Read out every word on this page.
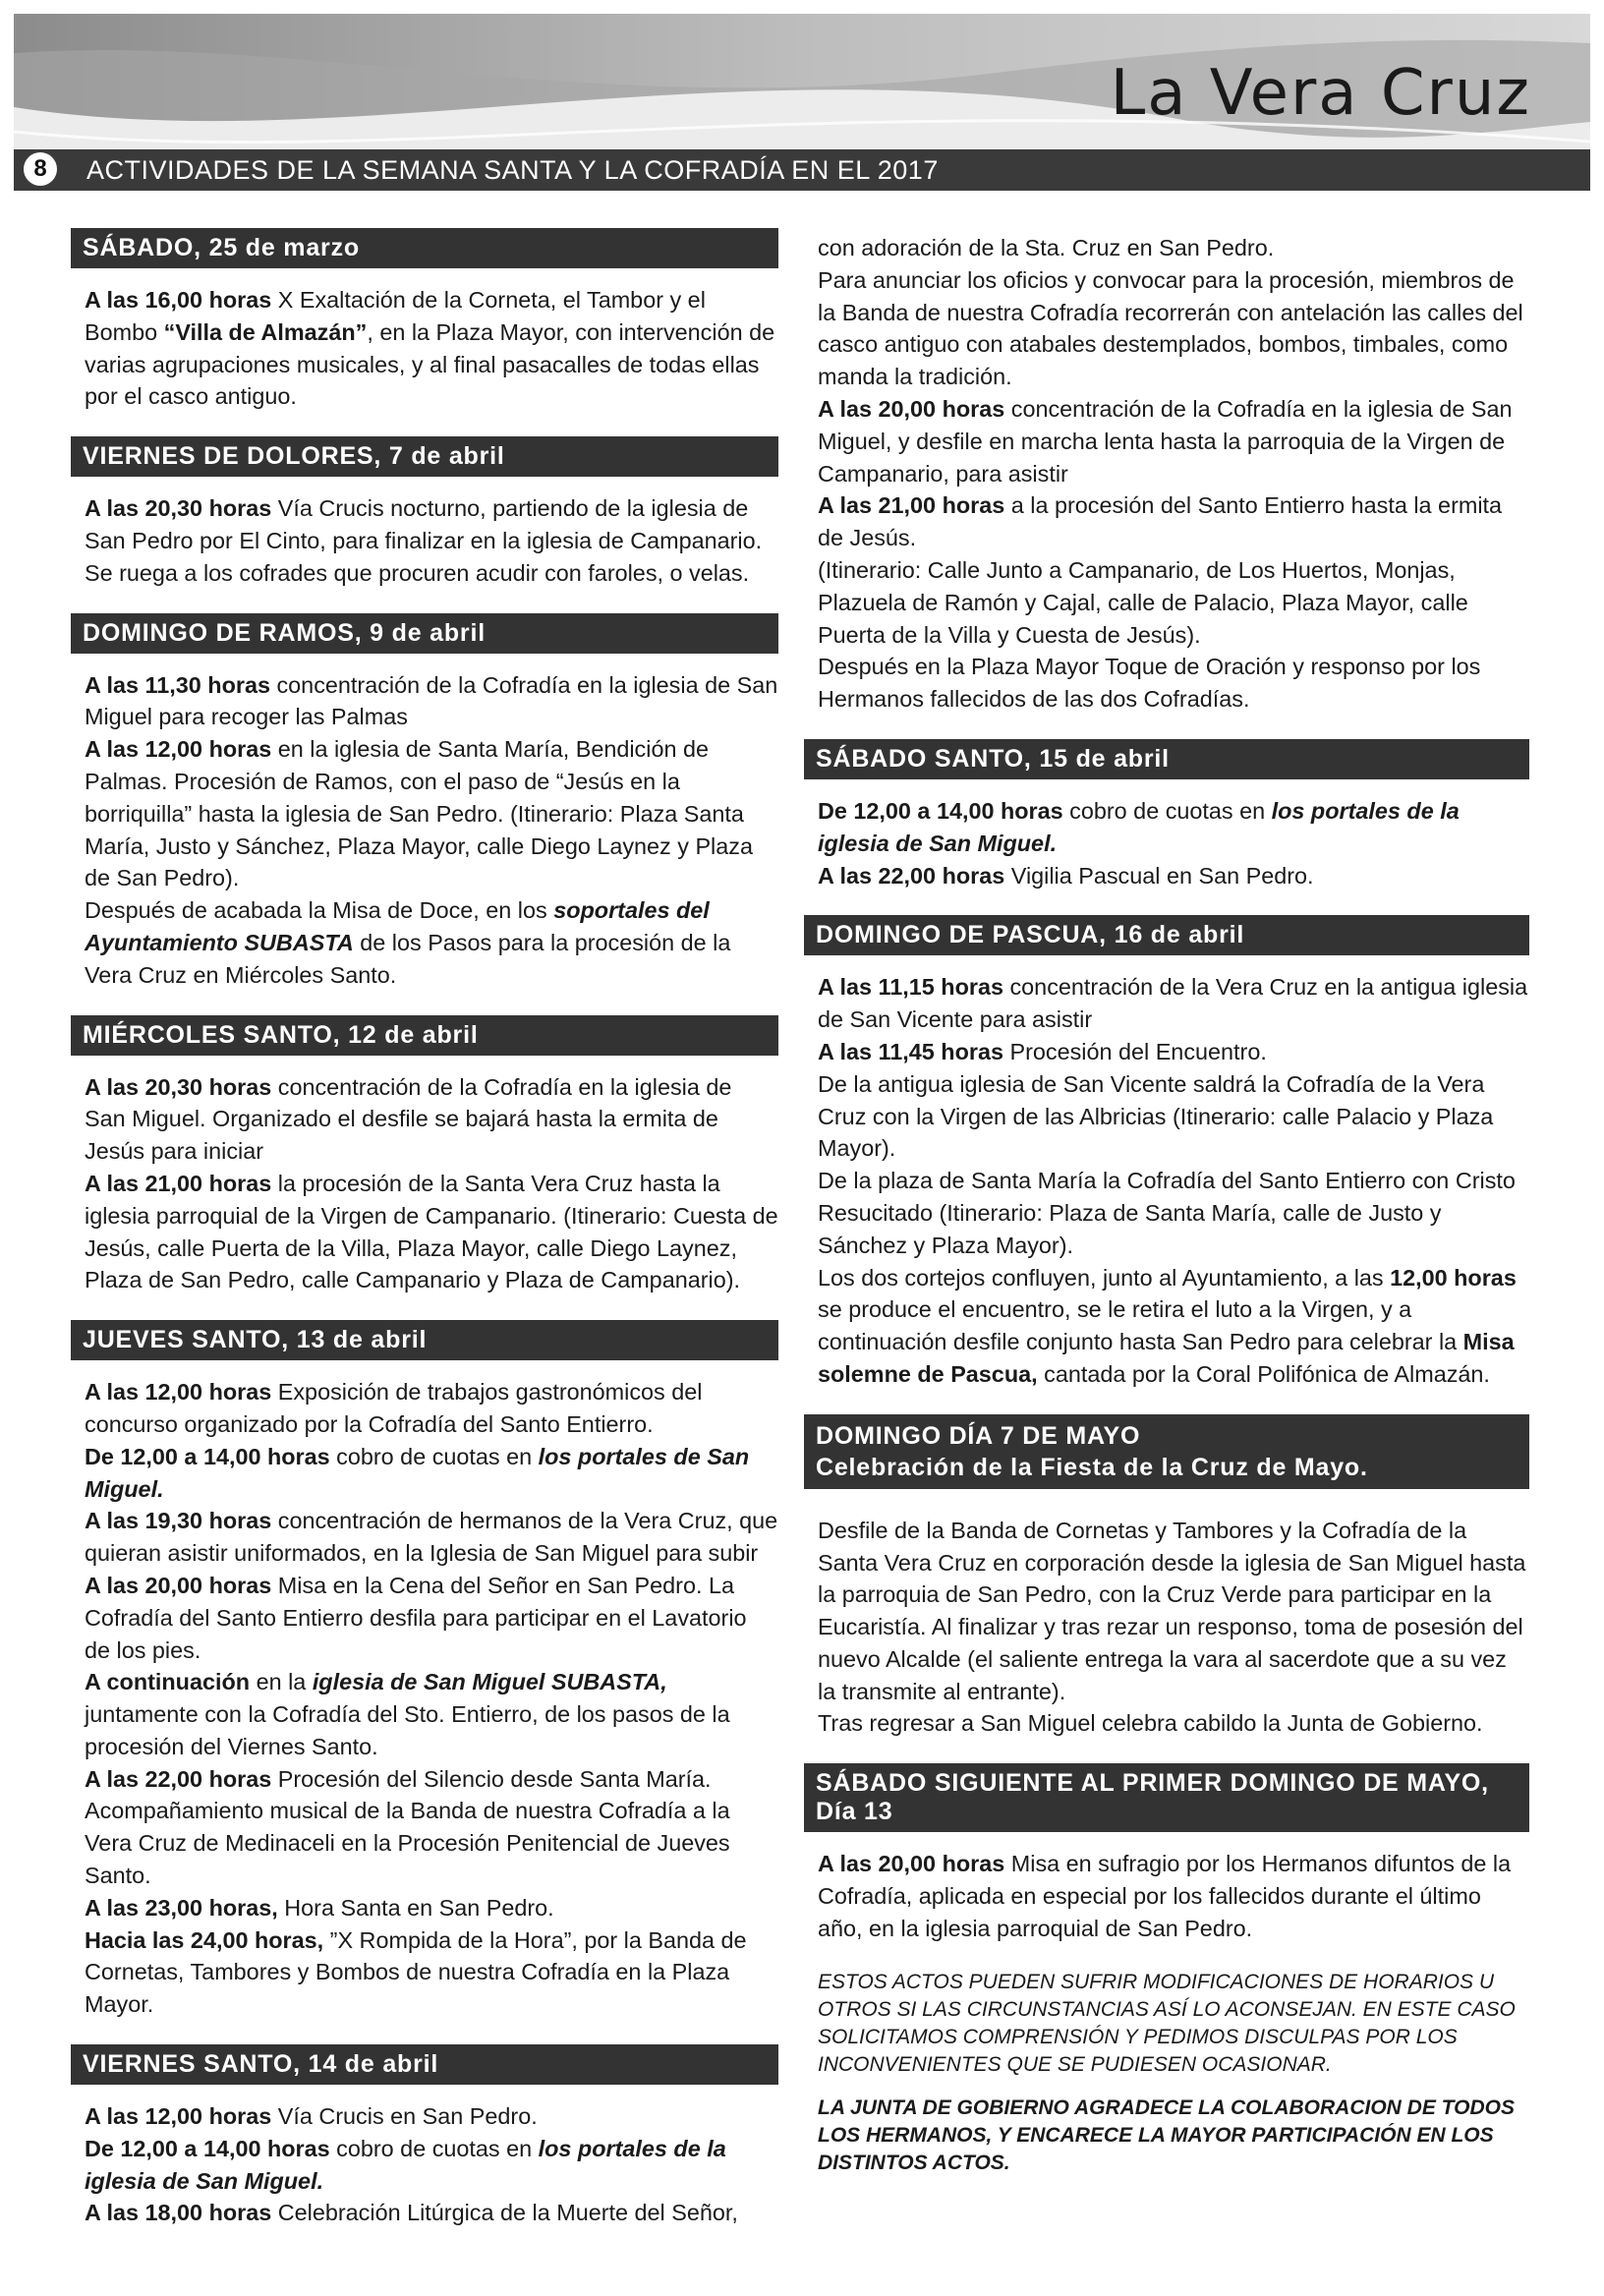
La Vera Cruz
8	ACTIVIDADES DE LA SEMANA SANTA Y LA COFRADÍA EN EL 2017
SÁBADO, 25 de marzo

A las 16,00 horas X Exaltación de la Corneta, el Tambor y el Bombo “Villa de Almazán”, en la Plaza Mayor, con intervención de varias agrupaciones musicales, y al final pasacalles de todas ellas por el casco antiguo.

VIERNES DE DOLORES, 7 de abril

A las 20,30 horas Vía Crucis nocturno, partiendo de la iglesia de San Pedro por El Cinto, para finalizar en la iglesia de Campanario. Se ruega a los cofrades que procuren acudir con faroles, o velas.

DOMINGO DE RAMOS, 9 de abril

A las 11,30 horas concentración de la Cofradía en la iglesia de San Miguel para recoger las Palmas

A las 12,00 horas en la iglesia de Santa María, Bendición de Palmas. Procesión de Ramos, con el paso de “Jesús en la borriquilla” hasta la iglesia de San Pedro. (Itinerario: Plaza Santa María, Justo y Sánchez, Plaza Mayor, calle Diego Laynez y Plaza de San Pedro).

Después de acabada la Misa de Doce, en los soportales del Ayuntamiento SUBASTA de los Pasos para la procesión de la Vera Cruz en Miércoles Santo.

MIÉRCOLES SANTO, 12 de abril

A las 20,30 horas concentración de la Cofradía en la iglesia de San Miguel. Organizado el desfile se bajará hasta la ermita de Jesús para iniciar

A las 21,00 horas la procesión de la Santa Vera Cruz hasta la iglesia parroquial de la Virgen de Campanario. (Itinerario: Cuesta de Jesús, calle Puerta de la Villa, Plaza Mayor, calle Diego Laynez, Plaza de San Pedro, calle Campanario y Plaza de Campanario).

JUEVES SANTO, 13 de abril

A las 12,00 horas Exposición de trabajos gastronómicos del concurso organizado por la Cofradía del Santo Entierro.

De 12,00 a 14,00 horas cobro de cuotas en los portales de San Miguel.

A las 19,30 horas concentración de hermanos de la Vera Cruz, que quieran asistir uniformados, en la Iglesia de San Miguel para subir

A las 20,00 horas Misa en la Cena del Señor en San Pedro. La Cofradía del Santo Entierro desfila para participar en el Lavatorio de los pies.

A continuación en la iglesia de San Miguel SUBASTA, juntamente con la Cofradía del Sto. Entierro, de los pasos de la procesión del Viernes Santo.

A las 22,00 horas Procesión del Silencio desde Santa María. Acompañamiento musical de la Banda de nuestra Cofradía a la Vera Cruz de Medinaceli en la Procesión Penitencial de Jueves Santo.

A las 23,00 horas, Hora Santa en San Pedro.

Hacia las 24,00 horas, ”X Rompida de la Hora”, por la Banda de Cornetas, Tambores y Bombos de nuestra Cofradía en la Plaza Mayor.

VIERNES SANTO, 14 de abril

A las 12,00 horas Vía Crucis en San Pedro.

De 12,00 a 14,00 horas cobro de cuotas en los portales de la iglesia de San Miguel.

A las 18,00 horas Celebración Litúrgica de la Muerte del Señor,

con adoración de la Sta. Cruz en San Pedro.

Para anunciar los oficios y convocar para la procesión, miembros de la Banda de nuestra Cofradía recorrerán con antelación las calles del casco antiguo con atabales destemplados, bombos, timbales, como manda la tradición.

A las 20,00 horas concentración de la Cofradía en la iglesia de San Miguel, y desfile en marcha lenta hasta la parroquia de la Virgen de Campanario, para asistir

A las 21,00 horas a la procesión del Santo Entierro hasta la ermita de Jesús.

(Itinerario: Calle Junto a Campanario, de Los Huertos, Monjas, Plazuela de Ramón y Cajal, calle de Palacio, Plaza Mayor, calle Puerta de la Villa y Cuesta de Jesús).

Después en la Plaza Mayor Toque de Oración y responso por los Hermanos fallecidos de las dos Cofradías.

SÁBADO SANTO, 15 de abril

De 12,00 a 14,00 horas cobro de cuotas en los portales de la iglesia de San Miguel.

A las 22,00 horas Vigilia Pascual en San Pedro.

DOMINGO DE PASCUA, 16 de abril

A las 11,15 horas concentración de la Vera Cruz en la antigua iglesia de San Vicente para asistir

A las 11,45 horas Procesión del Encuentro.

De la antigua iglesia de San Vicente saldrá la Cofradía de la Vera Cruz con la Virgen de las Albricias (Itinerario: calle Palacio y Plaza Mayor).

De la plaza de Santa María la Cofradía del Santo Entierro con Cristo Resucitado (Itinerario: Plaza de Santa María, calle de Justo y Sánchez y Plaza Mayor).

Los dos cortejos confluyen, junto al Ayuntamiento, a las 12,00 horas se produce el encuentro, se le retira el luto a la Virgen, y a continuación desfile conjunto hasta San Pedro para celebrar la Misa solemne de Pascua, cantada por la Coral Polifónica de Almazán.

DOMINGO DÍA 7 DE MAYO
Celebración de la Fiesta de la Cruz de Mayo.

Desfile de la Banda de Cornetas y Tambores y la Cofradía de la Santa Vera Cruz en corporación desde la iglesia de San Miguel hasta la parroquia de San Pedro, con la Cruz Verde para participar en la Eucaristía. Al finalizar y tras rezar un responso, toma de posesión del nuevo Alcalde (el saliente entrega la vara al sacerdote que a su vez la transmite al entrante).

Tras regresar a San Miguel celebra cabildo la Junta de Gobierno.

SÁBADO SIGUIENTE AL PRIMER DOMINGO DE MAYO, Día 13

A las 20,00 horas Misa en sufragio por los Hermanos difuntos de la Cofradía, aplicada en especial por los fallecidos durante el último año, en la iglesia parroquial de San Pedro.

ESTOS ACTOS PUEDEN SUFRIR MODIFICACIONES DE HORARIOS U OTROS SI LAS CIRCUNSTANCIAS ASÍ LO ACONSEJAN. EN ESTE CASO SOLICITAMOS COMPRENSIÓN Y PEDIMOS DISCULPAS POR LOS INCONVENIENTES QUE SE PUDIESEN OCASIONAR.

LA JUNTA DE GOBIERNO AGRADECE LA COLABORACION DE TODOS LOS HERMANOS, Y ENCARECE LA MAYOR PARTICIPACIÓN EN LOS DISTINTOS ACTOS.
